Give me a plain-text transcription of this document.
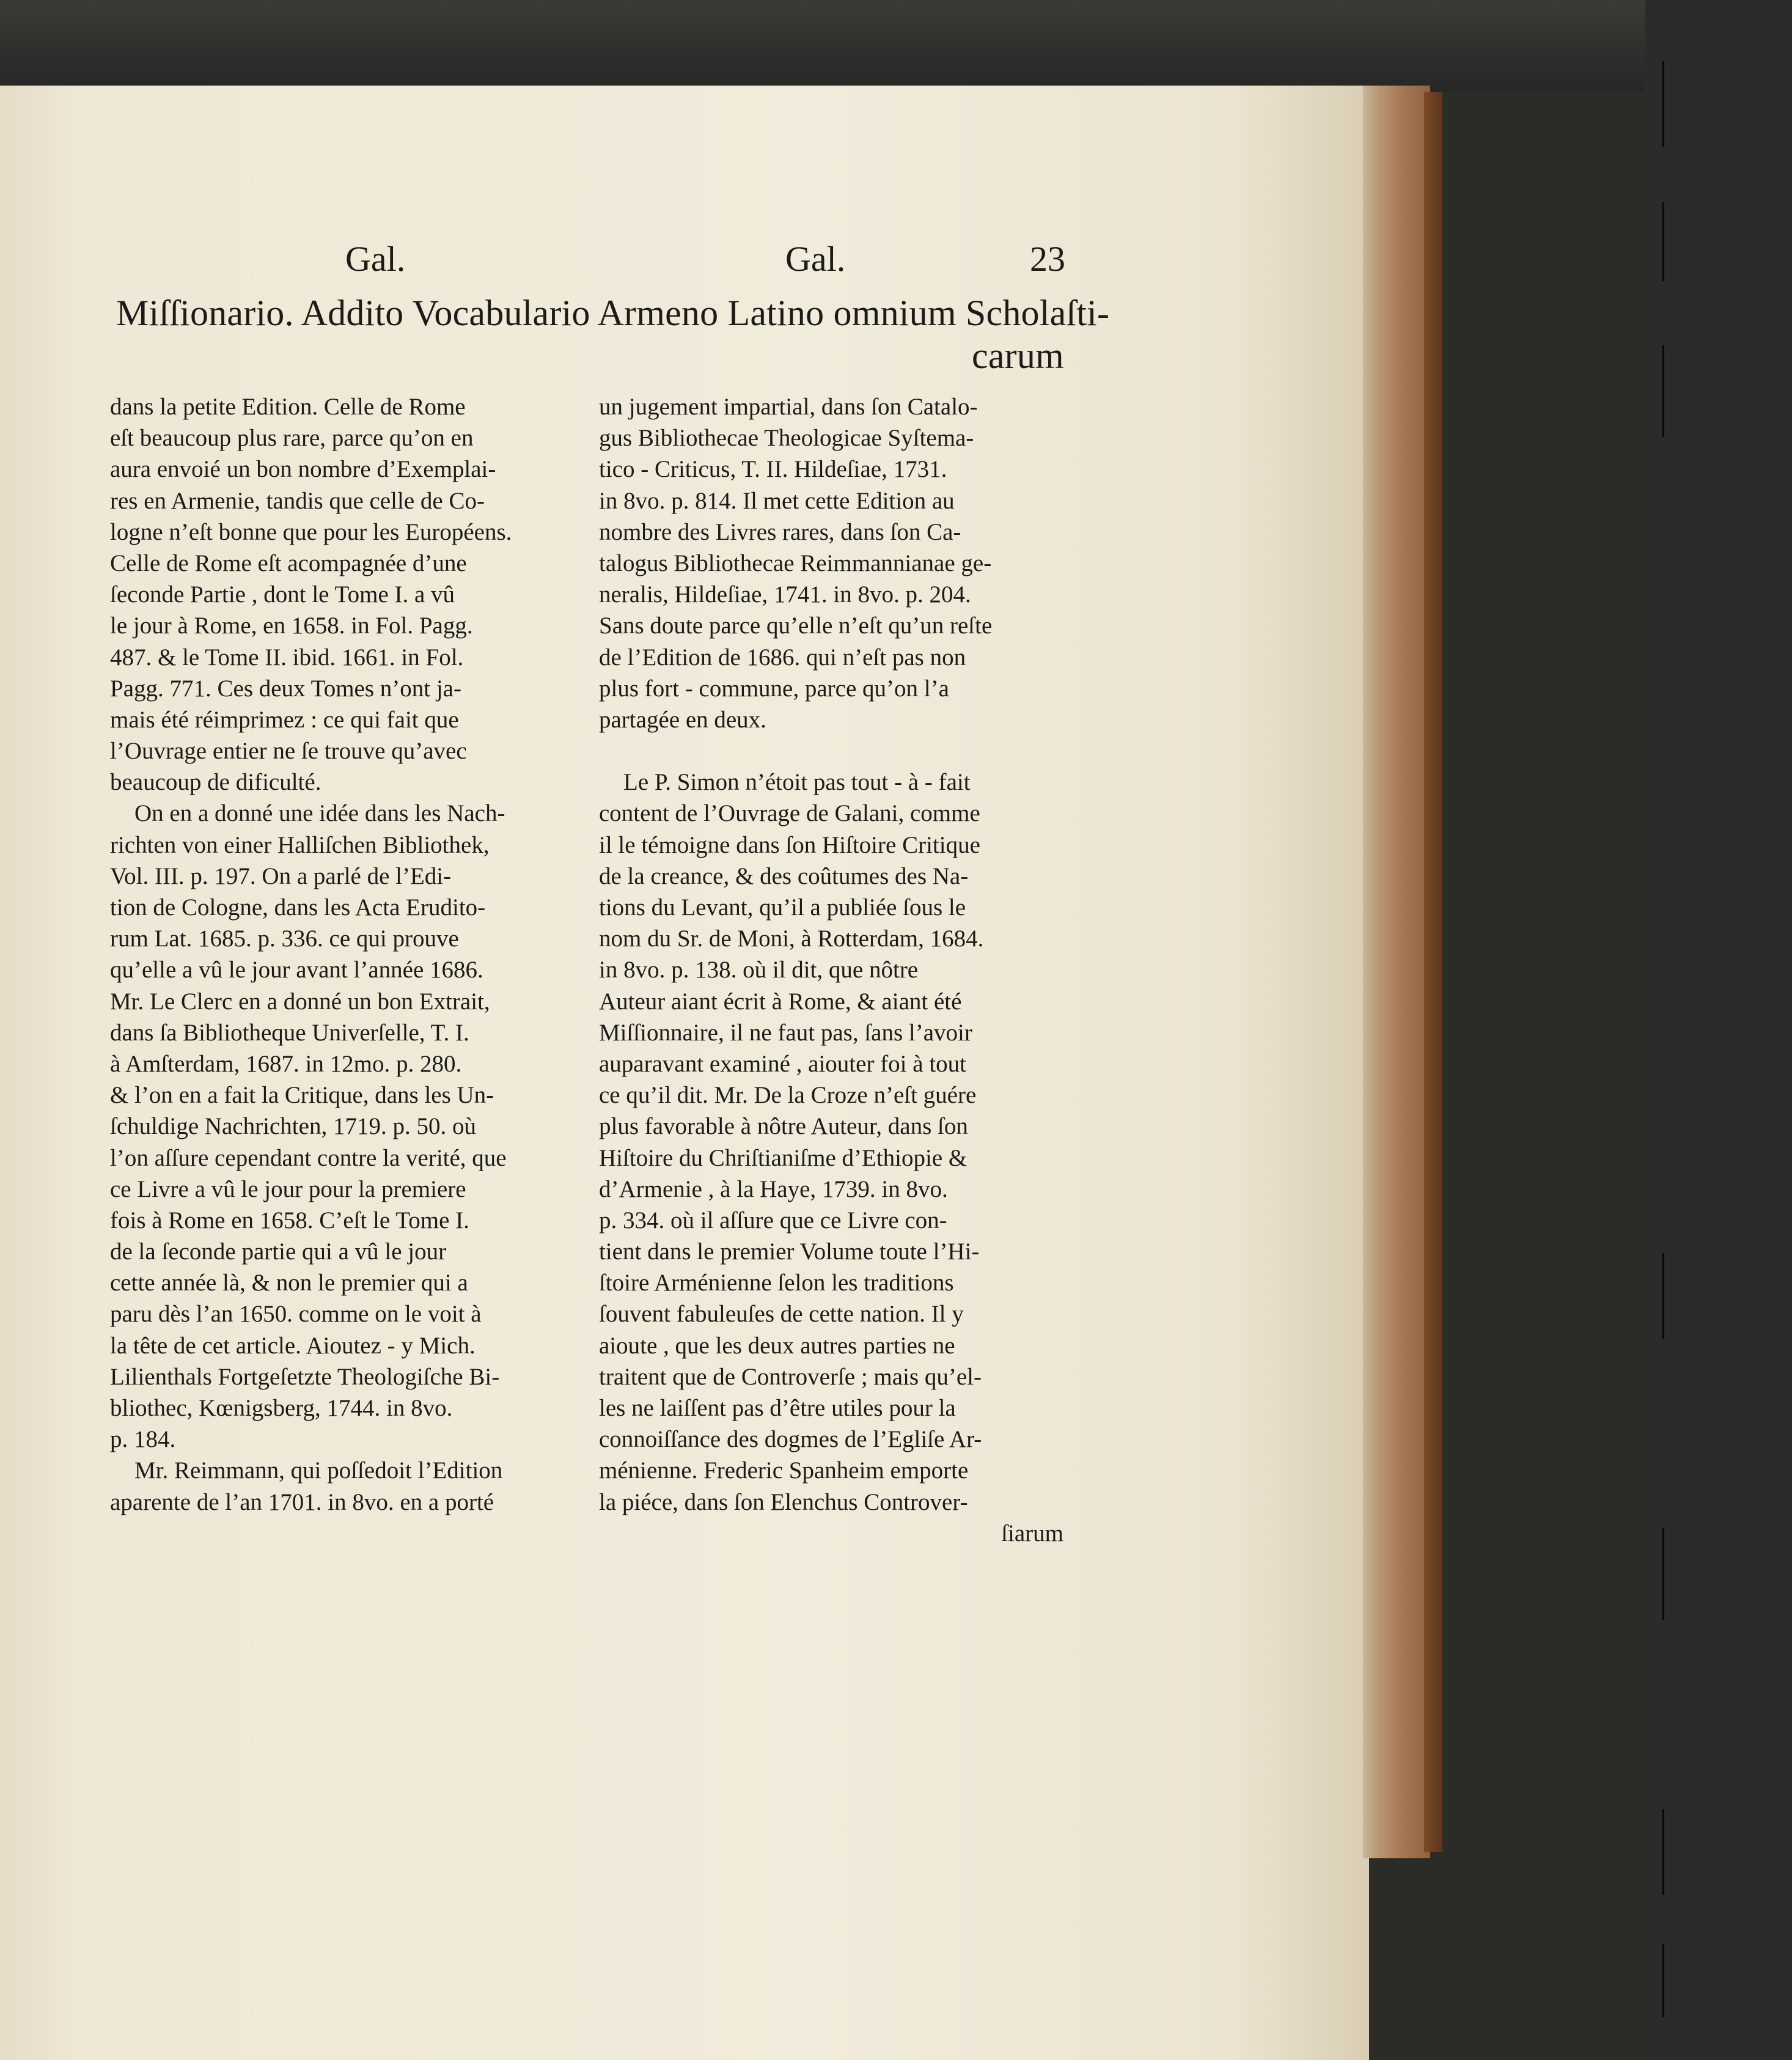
Gal.	Gal.	23
Miſſionario. Addito Vocabulario Armeno Latino omnium Scholaſti-
carum
dans la petite Edition. Celle de Rome
eſt beaucoup plus rare, parce qu’on en
aura envoié un bon nombre d’Exemplai-
res en Armenie, tandis que celle de Co-
logne n’eſt bonne que pour les Européens.
Celle de Rome eſt acompagnée d’une
ſeconde Partie , dont le Tome I. a vû
le jour à Rome, en 1658. in Fol. Pagg.
487. & le Tome II. ibid. 1661. in Fol.
Pagg. 771. Ces deux Tomes n’ont ja-
mais été réimprimez : ce qui fait que
l’Ouvrage entier ne ſe trouve qu’avec
beaucoup de dificulté.
On en a donné une idée dans les Nach-
richten von einer Halliſchen Bibliothek,
Vol. III. p. 197. On a parlé de l’Edi-
tion de Cologne, dans les Acta Erudito-
rum Lat. 1685. p. 336. ce qui prouve
qu’elle a vû le jour avant l’année 1686.
Mr. Le Clerc en a donné un bon Extrait,
dans ſa Bibliotheque Univerſelle, T. I.
à Amſterdam, 1687. in 12mo. p. 280.
& l’on en a fait la Critique, dans les Un-
ſchuldige Nachrichten, 1719. p. 50. où
l’on aſſure cependant contre la verité, que
ce Livre a vû le jour pour la premiere
fois à Rome en 1658. C’eſt le Tome I.
de la ſeconde partie qui a vû le jour
cette année là, & non le premier qui a
paru dès l’an 1650. comme on le voit à
la tête de cet article. Aioutez - y Mich.
Lilienthals Fortgeſetzte Theologiſche Bi-
bliothec, Kœnigsberg, 1744. in 8vo.
p. 184.
Mr. Reimmann, qui poſſedoit l’Edition
aparente de l’an 1701. in 8vo. en a porté
un jugement impartial, dans ſon Catalo-
gus Bibliothecae Theologicae Syſtema-
tico - Criticus, T. II. Hildeſiae, 1731.
in 8vo. p. 814. Il met cette Edition au
nombre des Livres rares, dans ſon Ca-
talogus Bibliothecae Reimmannianae ge-
neralis, Hildeſiae, 1741. in 8vo. p. 204.
Sans doute parce qu’elle n’eſt qu’un reſte
de l’Edition de 1686. qui n’eſt pas non
plus fort - commune, parce qu’on l’a
partagée en deux.
Le P. Simon n’étoit pas tout - à - fait
content de l’Ouvrage de Galani, comme
il le témoigne dans ſon Hiſtoire Critique
de la creance, & des coûtumes des Na-
tions du Levant, qu’il a publiée ſous le
nom du Sr. de Moni, à Rotterdam, 1684.
in 8vo. p. 138. où il dit, que nôtre
Auteur aiant écrit à Rome, & aiant été
Miſſionnaire, il ne faut pas, ſans l’avoir
auparavant examiné , aiouter foi à tout
ce qu’il dit. Mr. De la Croze n’eſt guére
plus favorable à nôtre Auteur, dans ſon
Hiſtoire du Chriſtianiſme d’Ethiopie &
d’Armenie , à la Haye, 1739. in 8vo.
p. 334. où il aſſure que ce Livre con-
tient dans le premier Volume toute l’Hi-
ſtoire Arménienne ſelon les traditions
ſouvent fabuleuſes de cette nation. Il y
aioute , que les deux autres parties ne
traitent que de Controverſe ; mais qu’el-
les ne laiſſent pas d’être utiles pour la
connoiſſance des dogmes de l’Egliſe Ar-
ménienne. Frederic Spanheim emporte
la piéce, dans ſon Elenchus Controver-
ſiarum
